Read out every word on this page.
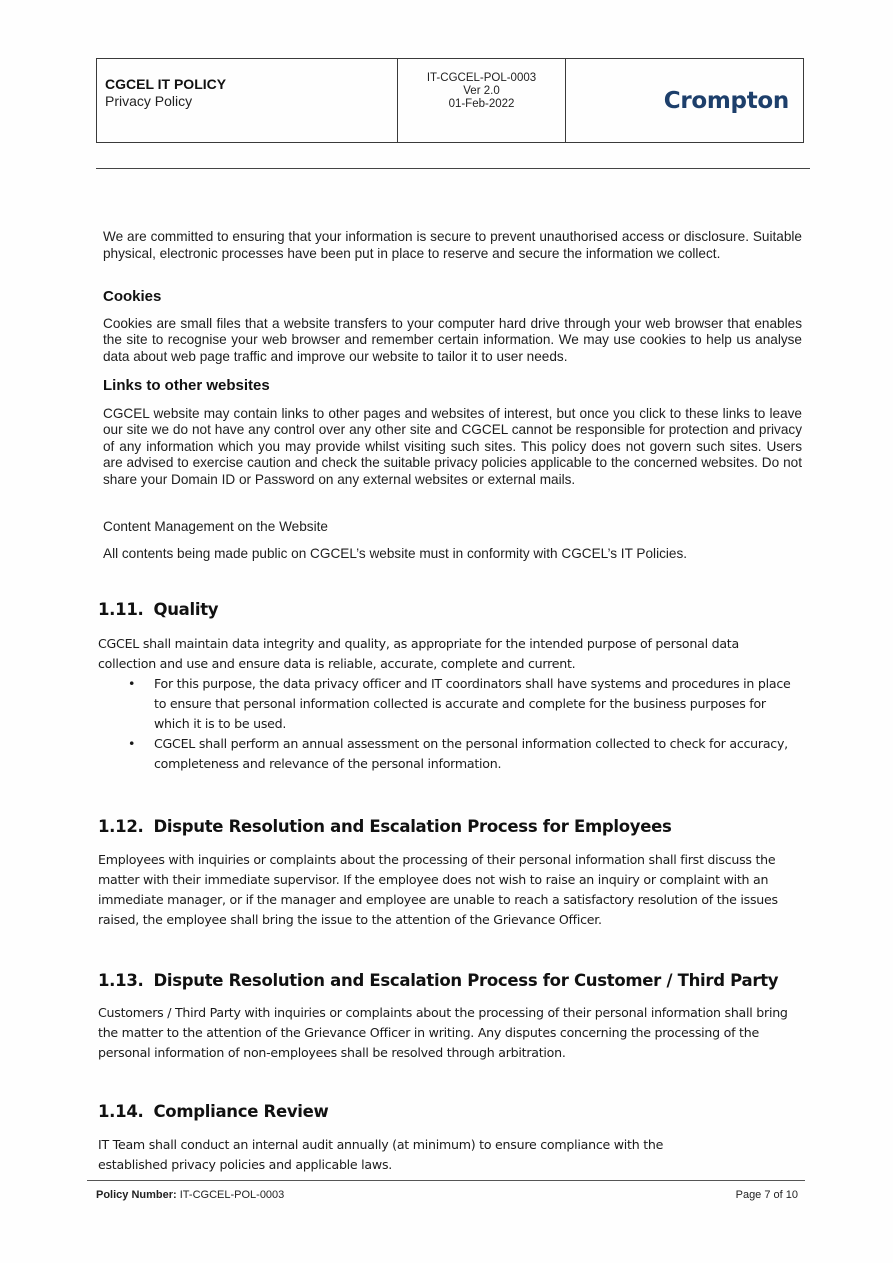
CGCEL IT POLICY
Privacy Policy
IT-CGCEL-POL-0003
Ver 2.0
01-Feb-2022	Crompton

We are committed to ensuring that your information is secure to prevent unauthorised access or disclosure. Suitable physical, electronic processes have been put in place to reserve and secure the information we collect.

Cookies

Cookies are small files that a website transfers to your computer hard drive through your web browser that enables the site to recognise your web browser and remember certain information. We may use cookies to help us analyse data about web page traffic and improve our website to tailor it to user needs.

Links to other websites

CGCEL website may contain links to other pages and websites of interest, but once you click to these links to leave our site we do not have any control over any other site and CGCEL cannot be responsible for protection and privacy of any information which you may provide whilst visiting such sites. This policy does not govern such sites. Users are advised to exercise caution and check the suitable privacy policies applicable to the concerned websites. Do not share your Domain ID or Password on any external websites or external mails.

Content Management on the Website

All contents being made public on CGCEL’s website must in conformity with CGCEL’s IT Policies.

1.11. Quality

CGCEL shall maintain data integrity and quality, as appropriate for the intended purpose of personal data collection and use and ensure data is reliable, accurate, complete and current.

• For this purpose, the data privacy officer and IT coordinators shall have systems and procedures in place to ensure that personal information collected is accurate and complete for the business purposes for which it is to be used.
• CGCEL shall perform an annual assessment on the personal information collected to check for accuracy, completeness and relevance of the personal information.
1.12. Dispute Resolution and Escalation Process for Employees

Employees with inquiries or complaints about the processing of their personal information shall first discuss the matter with their immediate supervisor. If the employee does not wish to raise an inquiry or complaint with an immediate manager, or if the manager and employee are unable to reach a satisfactory resolution of the issues raised, the employee shall bring the issue to the attention of the Grievance Officer.

1.13. Dispute Resolution and Escalation Process for Customer / Third Party

Customers / Third Party with inquiries or complaints about the processing of their personal information shall bring the matter to the attention of the Grievance Officer in writing. Any disputes concerning the processing of the personal information of non-employees shall be resolved through arbitration.

1.14. Compliance Review

IT Team shall conduct an internal audit annually (at minimum) to ensure compliance with the established privacy policies and applicable laws.

Policy Number: IT-CGCEL-POL-0003	Page 7 of 10
